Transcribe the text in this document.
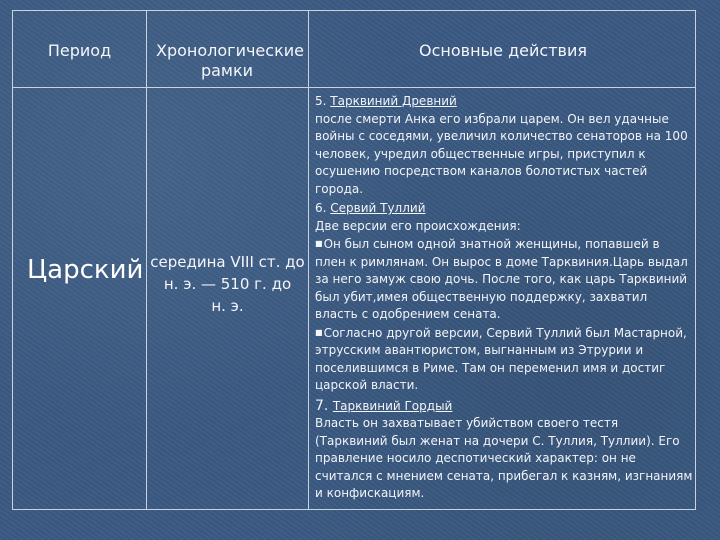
Период	Хронологические рамки
Основные действия
Царский середина VIII ст. до
н. э. — 510 г. до
н. э.

5. Тарквиний Древний

после смерти Анка его избрали царем. Он вел удачные войны с соседями, увеличил количество сенаторов на 100 человек, учредил общественные игры, приступил к осушению посредством каналов болотистых частей города.

6. Сервий Туллий

Две версии его происхождения:

■Он был сыном одной знатной женщины, попавшей в плен к римлянам. Он вырос в доме Тарквиния.Царь выдал за него замуж свою дочь. После того, как царь Тарквиний был убит,имея общественную поддержку, захватил власть с одобрением сената.

■Согласно другой версии, Сервий Туллий был Мастарной, этрусским авантюристом, выгнанным из Этрурии и поселившимся в Риме. Там он переменил имя и достиг царской власти.

7. Тарквиний Гордый

Власть он захватывает убийством своего тестя (Тарквиний был женат на дочери С. Туллия, Туллии). Его правление носило деспотический характер: он не считался с мнением сената, прибегал к казням, изгнаниям и конфискациям.
